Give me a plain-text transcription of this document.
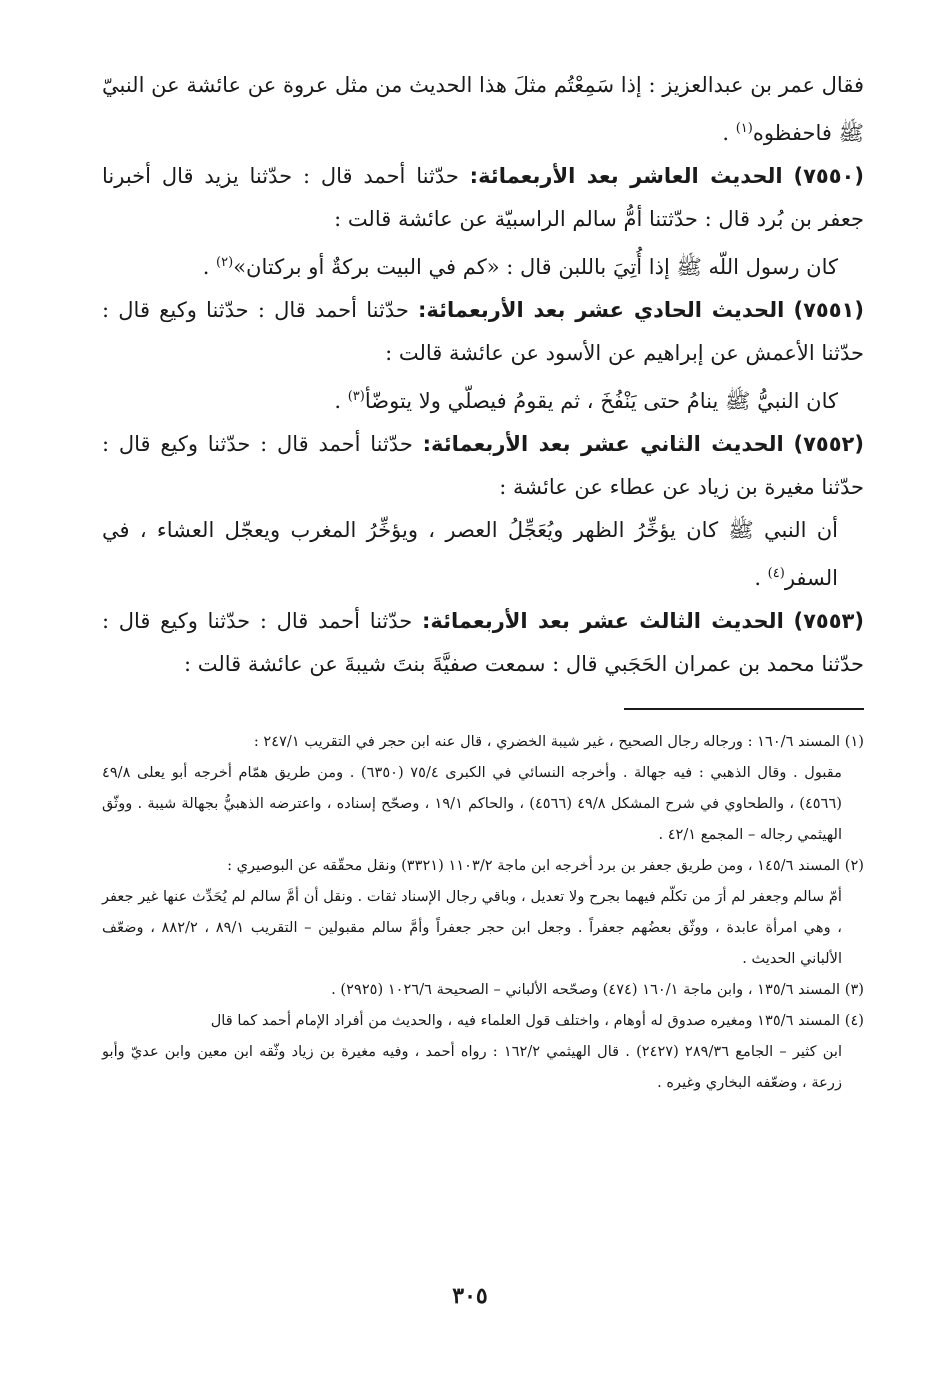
فقال عمر بن عبدالعزيز : إذا سَمِعْتُم مثلَ هذا الحديث من مثل عروة عن عائشة عن النبيّ ﷺ فاحفظوه$^{(١)}$ .

(٧٥٥٠) الحديث العاشر بعد الأربعمائة: حدّثنا أحمد قال : حدّثنا يزيد قال أخبرنا جعفر بن بُرد قال : حدّثتنا أمُّ سالم الراسبيّة عن عائشة قالت :

كان رسول اللّه ﷺ إذا أُتِيَ باللبن قال : «كم في البيت بركةٌ أو بركتان»$^{(٢)}$ .

(٧٥٥١) الحديث الحادي عشر بعد الأربعمائة: حدّثنا أحمد قال : حدّثنا وكيع قال : حدّثنا الأعمش عن إبراهيم عن الأسود عن عائشة قالت :

كان النبيُّ ﷺ ينامُ حتى يَنْفُخَ ، ثم يقومُ فيصلّي ولا يتوضّأ$^{(٣)}$ .

(٧٥٥٢) الحديث الثاني عشر بعد الأربعمائة: حدّثنا أحمد قال : حدّثنا وكيع قال : حدّثنا مغيرة بن زياد عن عطاء عن عائشة :

أن النبي ﷺ كان يؤخِّرُ الظهر ويُعَجِّلُ العصر ، ويؤخِّرُ المغرب ويعجّل العشاء ، في السفر$^{(٤)}$ .

(٧٥٥٣) الحديث الثالث عشر بعد الأربعمائة: حدّثنا أحمد قال : حدّثنا وكيع قال : حدّثنا محمد بن عمران الحَجَبي قال : سمعت صفيَّةَ بنتَ شيبةَ عن عائشة قالت :

(١) المسند ١٦٠/٦ : ورجاله رجال الصحيح ، غير شيبة الخضري ، قال عنه ابن حجر في التقريب ٢٤٧/١ :

مقبول . وقال الذهبي : فيه جهالة . وأخرجه النسائي في الكبرى ٧٥/٤ (٦٣٥٠) . ومن طريق همّام أخرجه أبو يعلى ٤٩/٨ (٤٥٦٦) ، والطحاوي في شرح المشكل ٤٩/٨ (٤٥٦٦) ، والحاكم ١٩/١ ، وصحّح إسناده ، واعترضه الذهبيُّ بجهالة شيبة . ووثّق الهيثمي رجاله – المجمع ٤٢/١ .

(٢) المسند ١٤٥/٦ ، ومن طريق جعفر بن برد أخرجه ابن ماجة ١١٠٣/٢ (٣٣٢١) ونقل محقّقه عن البوصيري :

أمّ سالم وجعفر لم أرَ من تكلّم فيهما بجرح ولا تعديل ، وباقي رجال الإسناد ثقات . ونقل أن أمَّ سالم لم يُحَدِّث عنها غير جعفر ، وهي امرأة عابدة ، ووثّق بعضُهم جعفراً . وجعل ابن حجر جعفراً وأمَّ سالم مقبولين – التقريب ٨٩/١ ، ٨٨٢/٢ ، وضعّف الألباني الحديث .

(٣) المسند ١٣٥/٦ ، وابن ماجة ١٦٠/١ (٤٧٤) وصحّحه الألباني – الصحيحة ١٠٢٦/٦ (٢٩٢٥) .

(٤) المسند ١٣٥/٦ ومغيره صدوق له أوهام ، واختلف قول العلماء فيه ، والحديث من أفراد الإمام أحمد كما قال

ابن كثير – الجامع ٢٨٩/٣٦ (٢٤٢٧) . قال الهيثمي ١٦٢/٢ : رواه أحمد ، وفيه مغيرة بن زياد وثّقه ابن معين وابن عديّ وأبو زرعة ، وضعّفه البخاري وغيره .

٣٠٥
